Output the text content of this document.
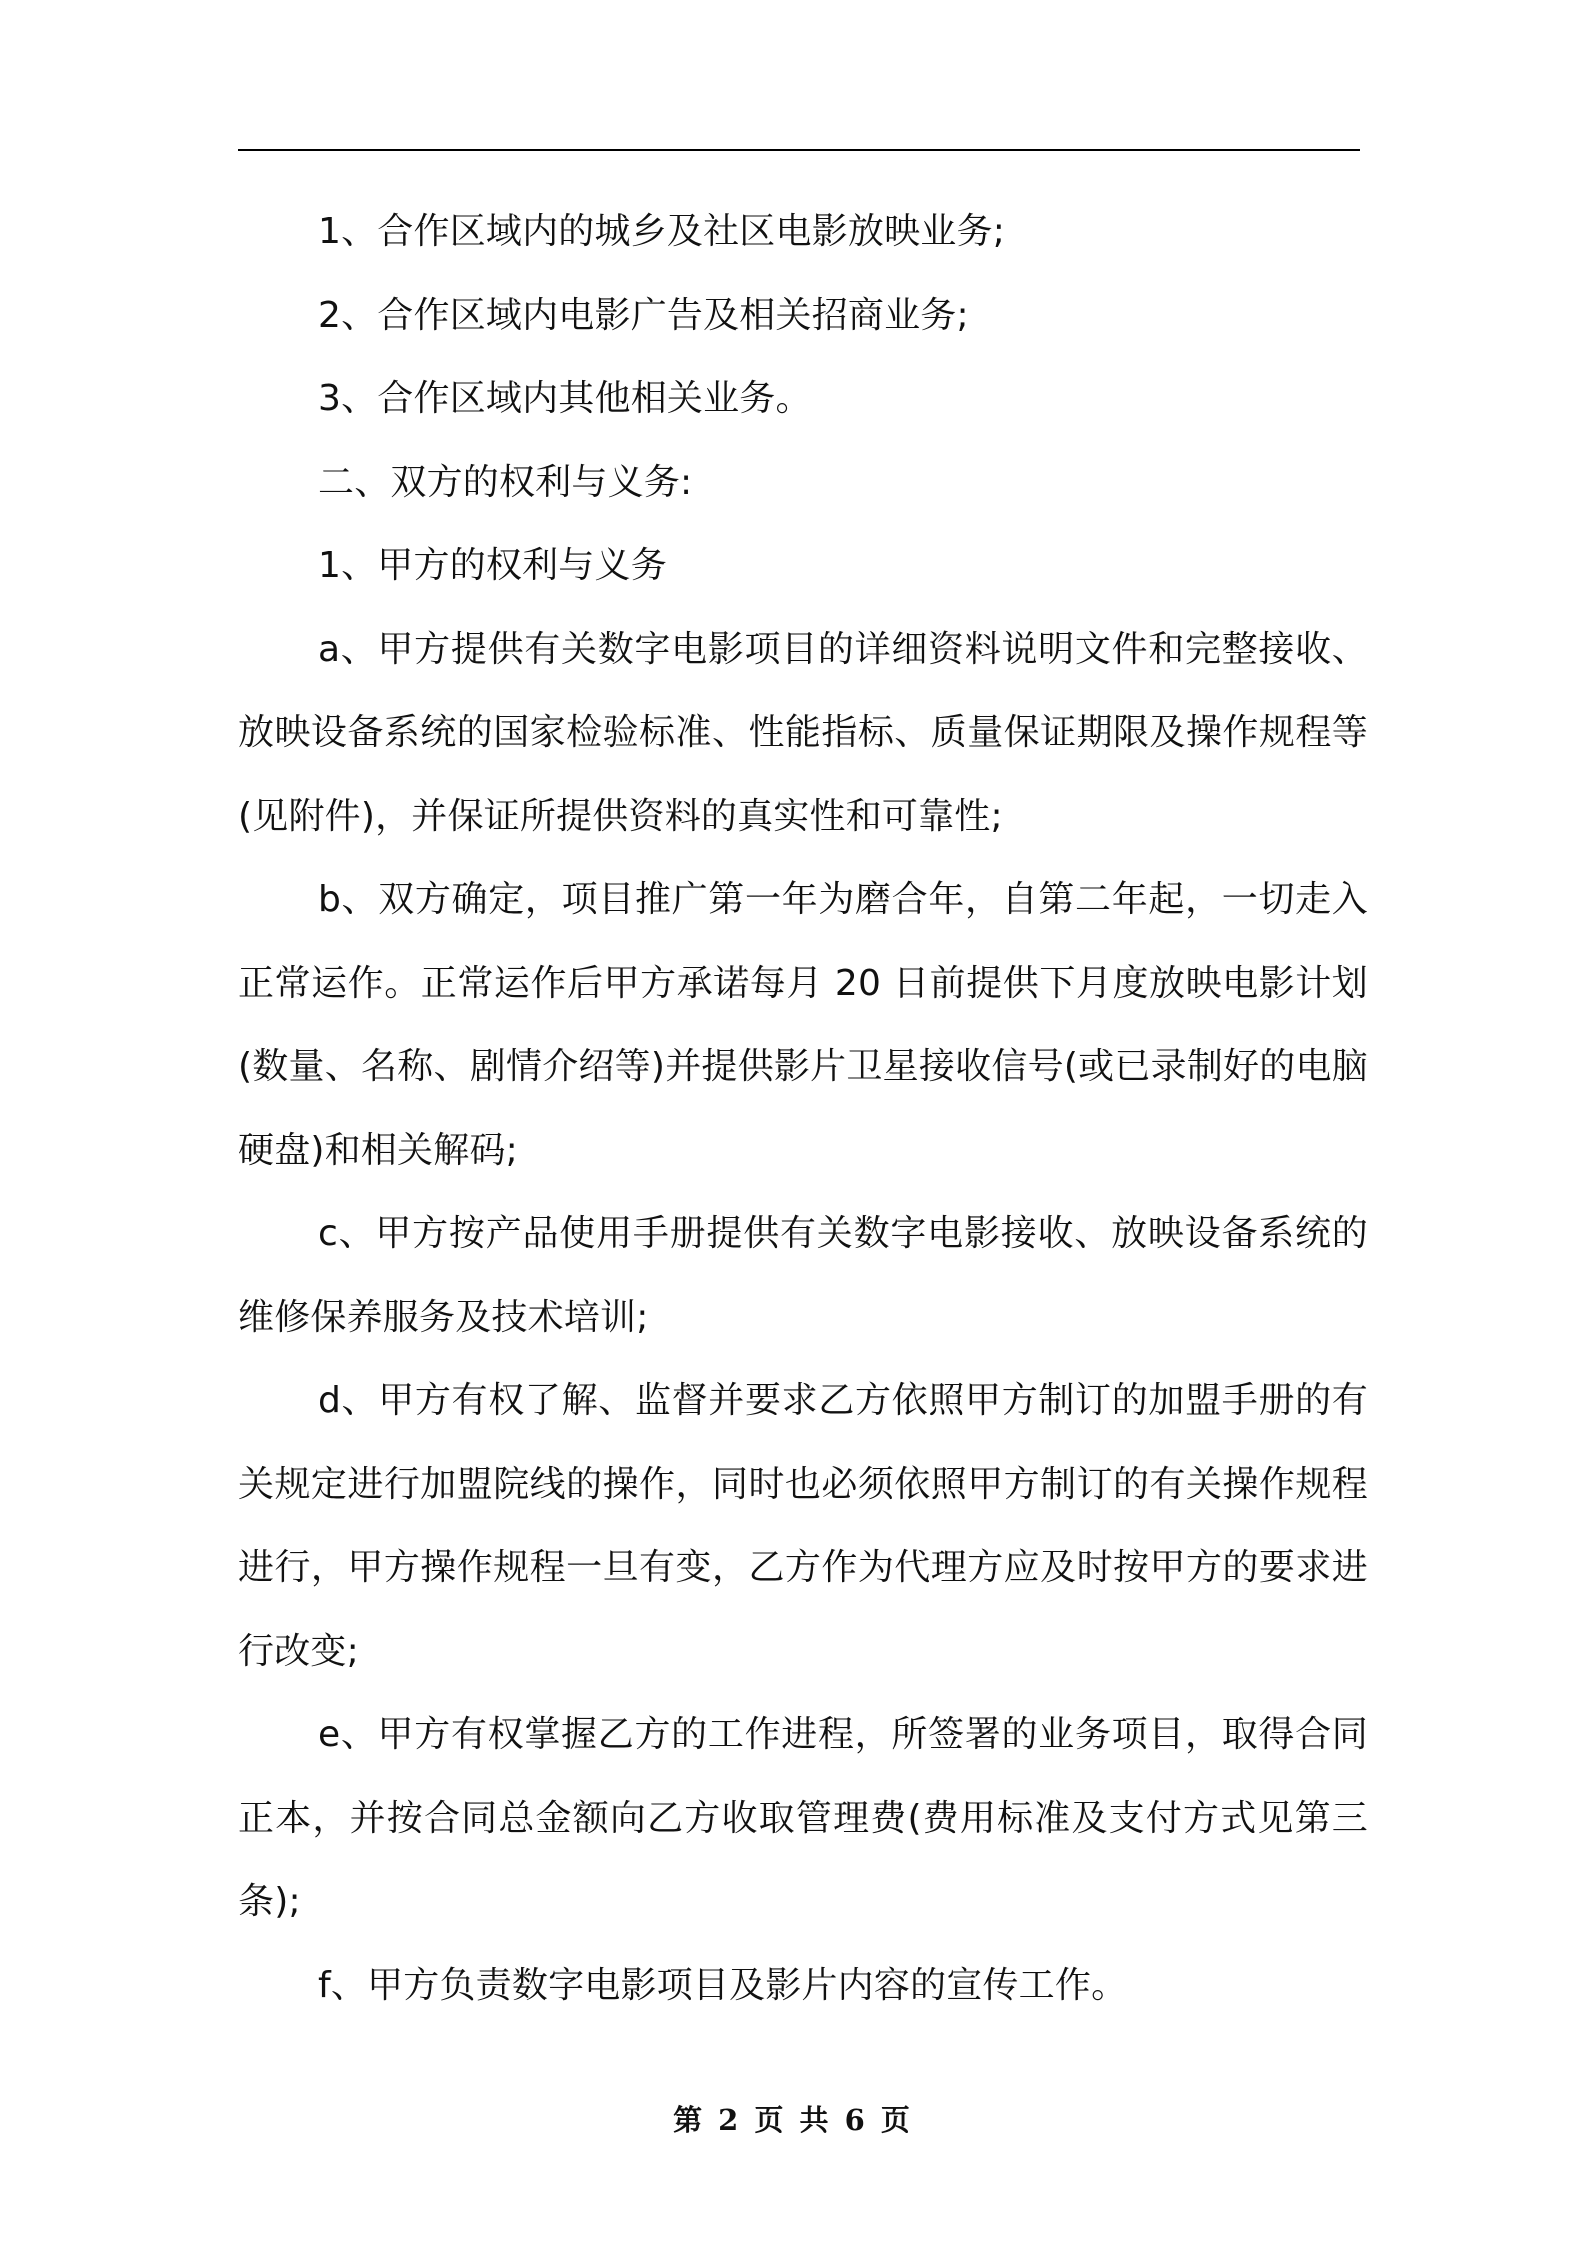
1、合作区域内的城乡及社区电影放映业务;

2、合作区域内电影广告及相关招商业务;

3、合作区域内其他相关业务。

二、双方的权利与义务:

1、甲方的权利与义务

a、甲方提供有关数字电影项目的详细资料说明文件和完整接收、放映设备系统的国家检验标准、性能指标、质量保证期限及操作规程等(见附件)，并保证所提供资料的真实性和可靠性;

b、双方确定，项目推广第一年为磨合年，自第二年起，一切走入正常运作。正常运作后甲方承诺每月 20 日前提供下月度放映电影计划(数量、名称、剧情介绍等)并提供影片卫星接收信号(或已录制好的电脑硬盘)和相关解码;

c、甲方按产品使用手册提供有关数字电影接收、放映设备系统的维修保养服务及技术培训;

d、甲方有权了解、监督并要求乙方依照甲方制订的加盟手册的有关规定进行加盟院线的操作，同时也必须依照甲方制订的有关操作规程进行，甲方操作规程一旦有变，乙方作为代理方应及时按甲方的要求进行改变;

e、甲方有权掌握乙方的工作进程，所签署的业务项目，取得合同正本，并按合同总金额向乙方收取管理费(费用标准及支付方式见第三条);

f、甲方负责数字电影项目及影片内容的宣传工作。

第 2 页 共 6 页
